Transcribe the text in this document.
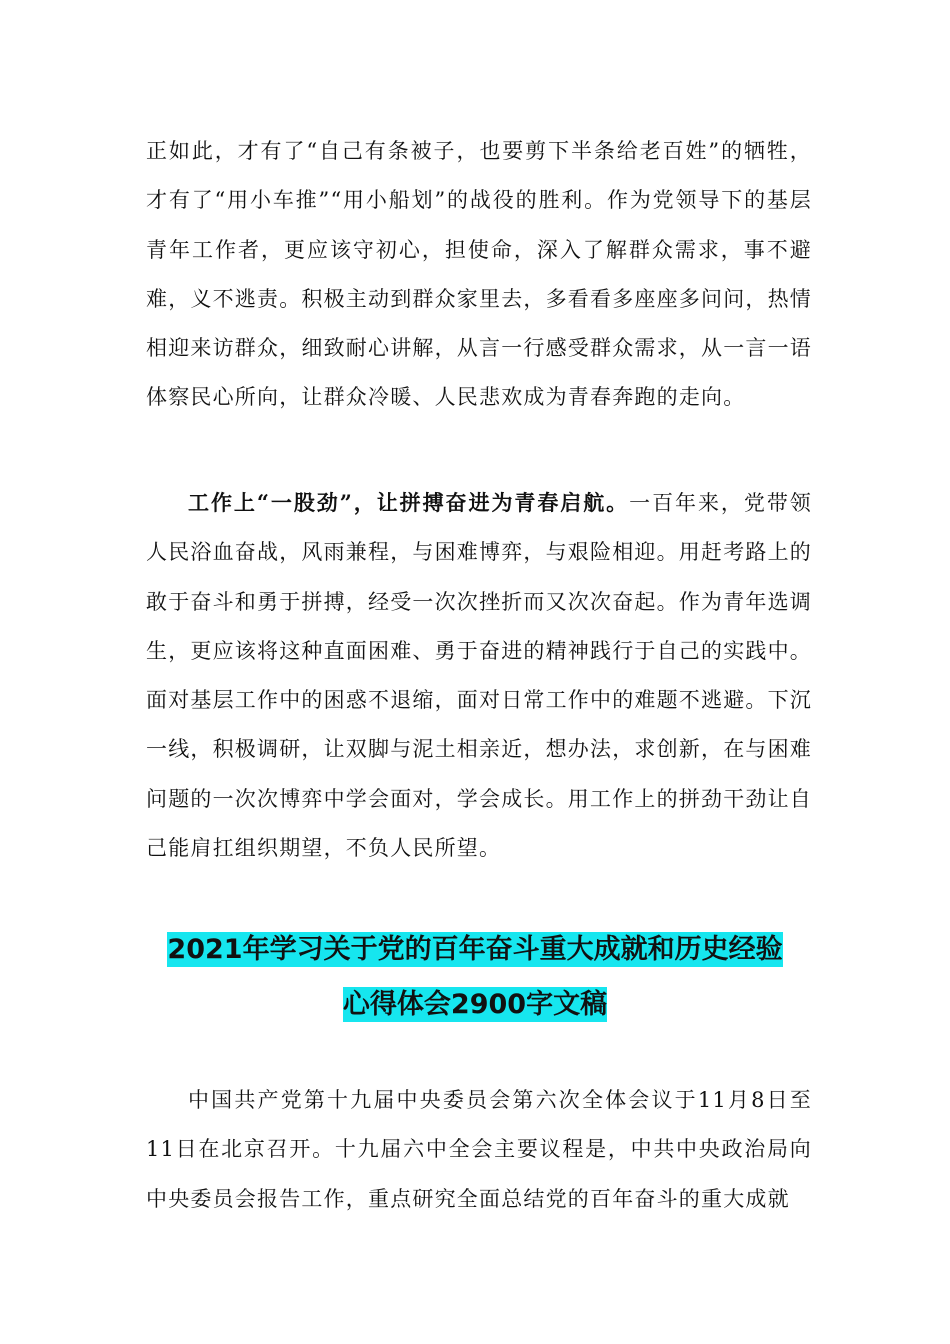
正如此，才有了“自己有条被子，也要剪下半条给老百姓”的牺牲，才有了“用小车推”“用小船划”的战役的胜利。作为党领导下的基层青年工作者，更应该守初心，担使命，深入了解群众需求，事不避难，义不逃责。积极主动到群众家里去，多看看多座座多问问，热情相迎来访群众，细致耐心讲解，从言一行感受群众需求，从一言一语体察民心所向，让群众冷暖、人民悲欢成为青春奔跑的走向。

工作上“一股劲”，让拼搏奋进为青春启航。一百年来，党带领人民浴血奋战，风雨兼程，与困难博弈，与艰险相迎。用赶考路上的敢于奋斗和勇于拼搏，经受一次次挫折而又次次奋起。作为青年选调生，更应该将这种直面困难、勇于奋进的精神践行于自己的实践中。面对基层工作中的困惑不退缩，面对日常工作中的难题不逃避。下沉一线，积极调研，让双脚与泥土相亲近，想办法，求创新，在与困难问题的一次次博弈中学会面对，学会成长。用工作上的拼劲干劲让自己能肩扛组织期望，不负人民所望。

2021年学习关于党的百年奋斗重大成就和历史经验
心得体会2900字文稿

中国共产党第十九届中央委员会第六次全体会议于11月8日至11日在北京召开。十九届六中全会主要议程是，中共中央政治局向中央委员会报告工作，重点研究全面总结党的百年奋斗的重大成就
